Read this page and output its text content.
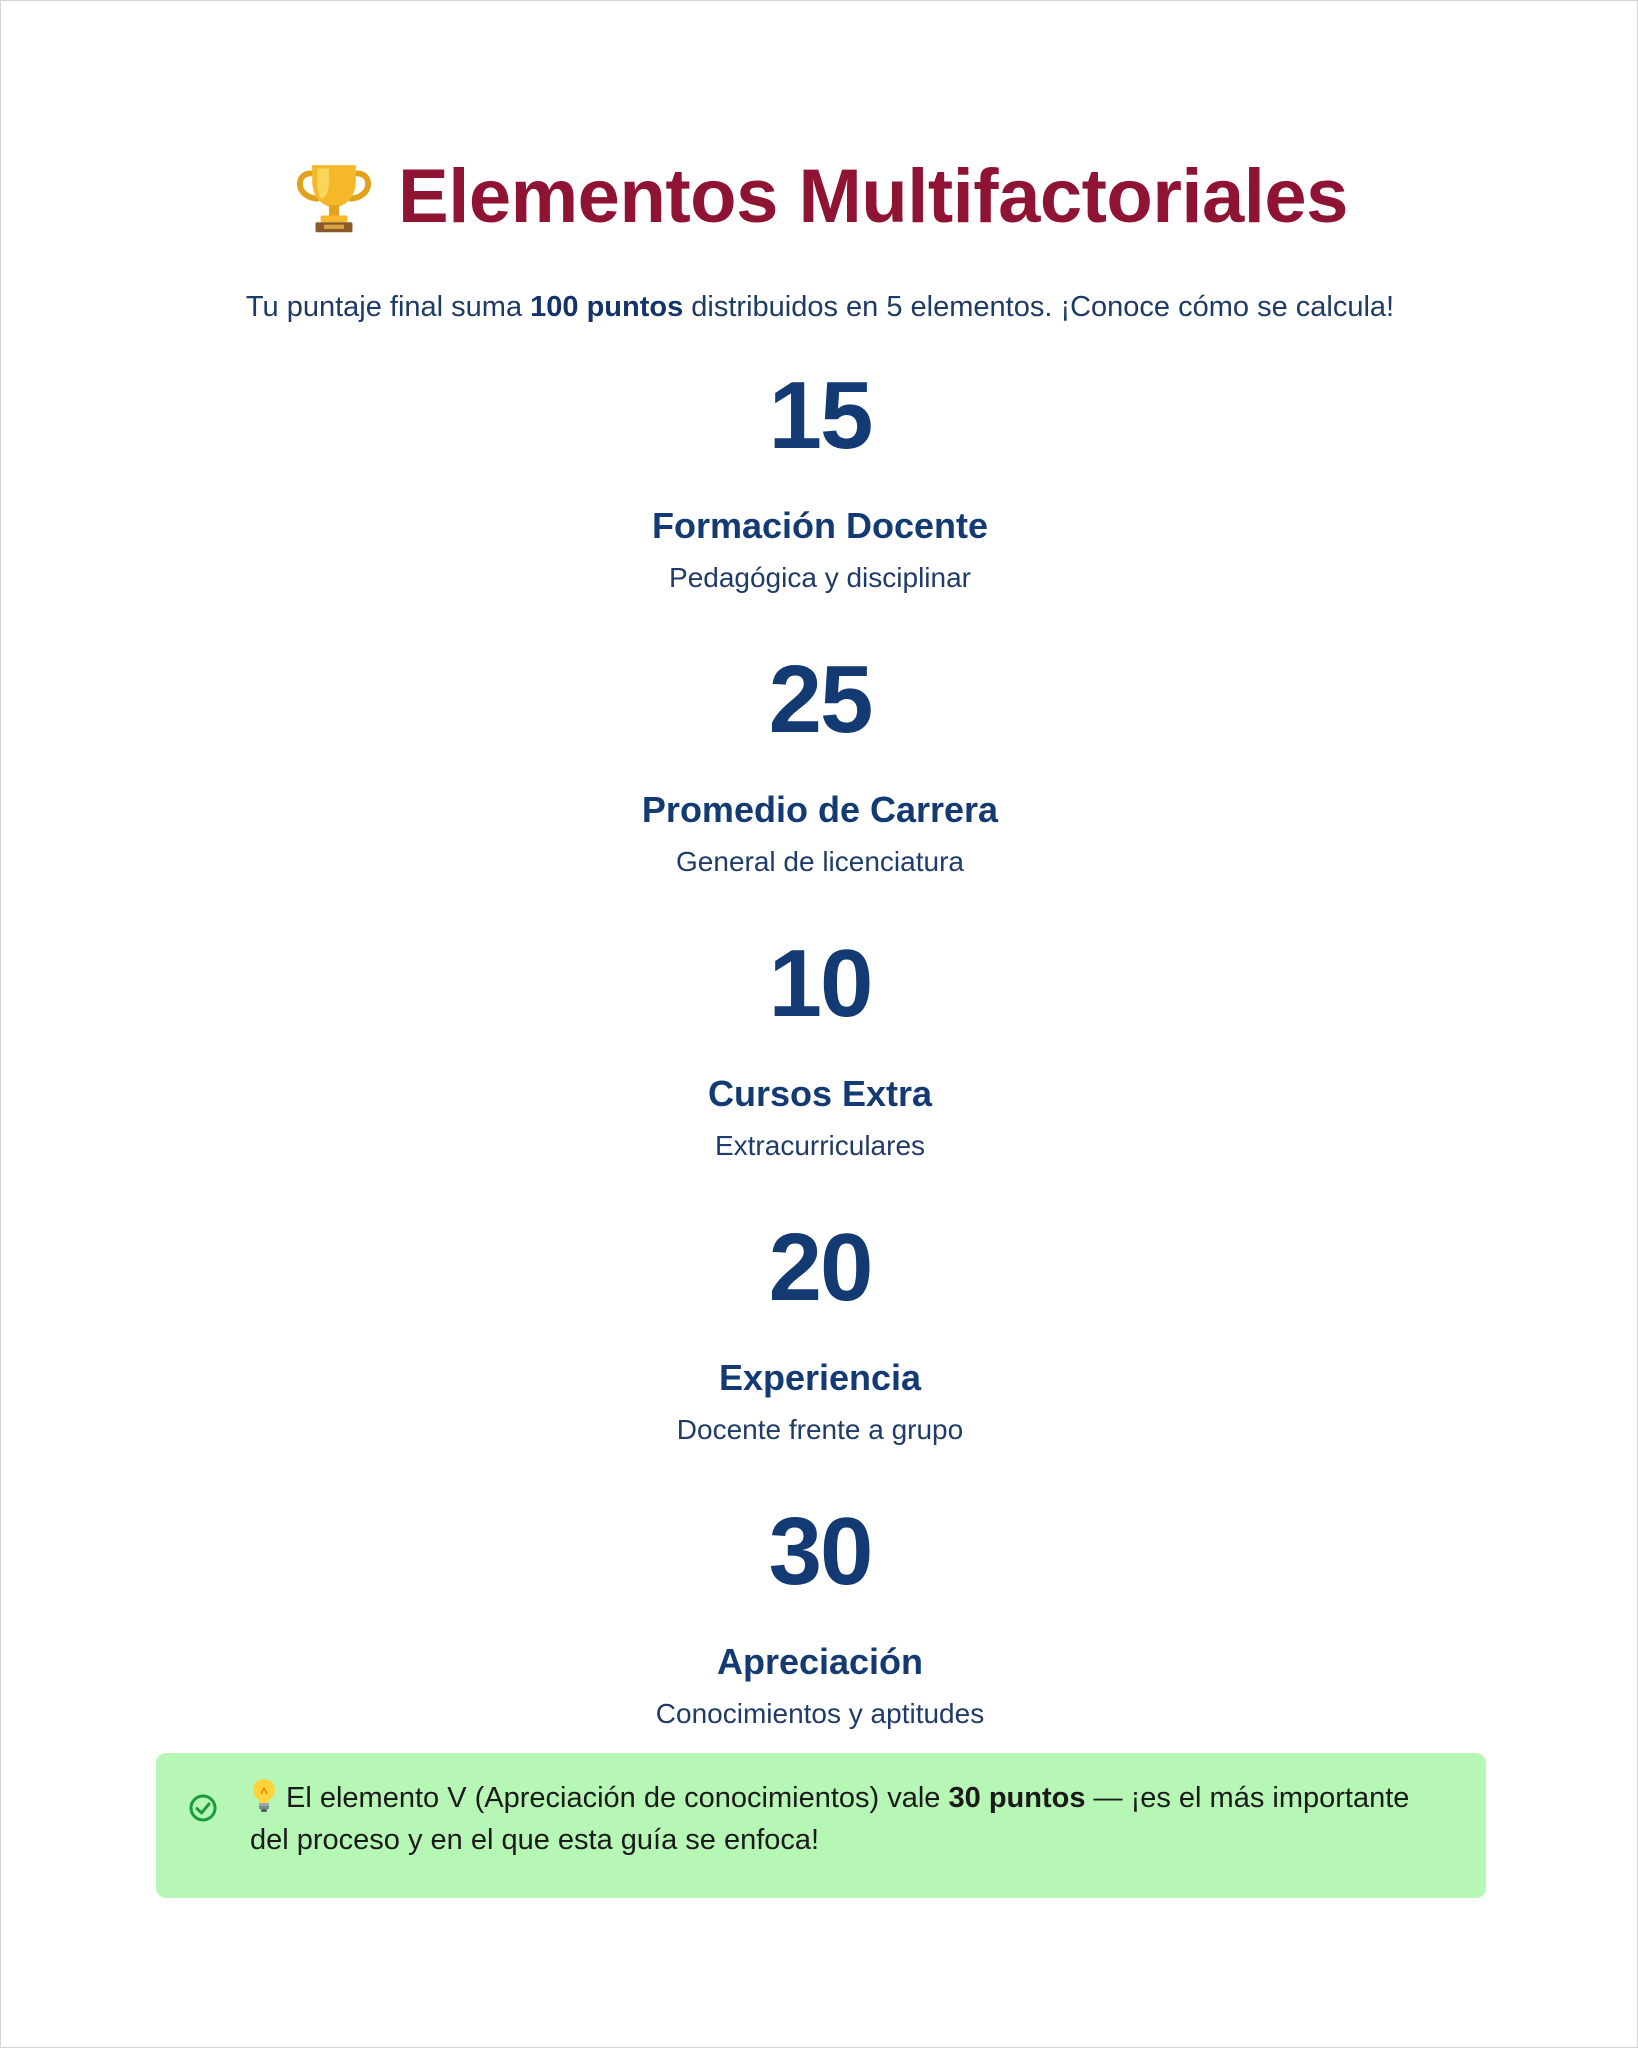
Elementos Multifactoriales
Tu puntaje final suma 100 puntos distribuidos en 5 elementos. ¡Conoce cómo se calcula!
15
Formación Docente
Pedagógica y disciplinar
25
Promedio de Carrera
General de licenciatura
10
Cursos Extra
Extracurriculares
20
Experiencia
Docente frente a grupo
30
Apreciación
Conocimientos y aptitudes
El elemento V (Apreciación de conocimientos) vale 30 puntos — ¡es el más importante del proceso y en el que esta guía se enfoca!
